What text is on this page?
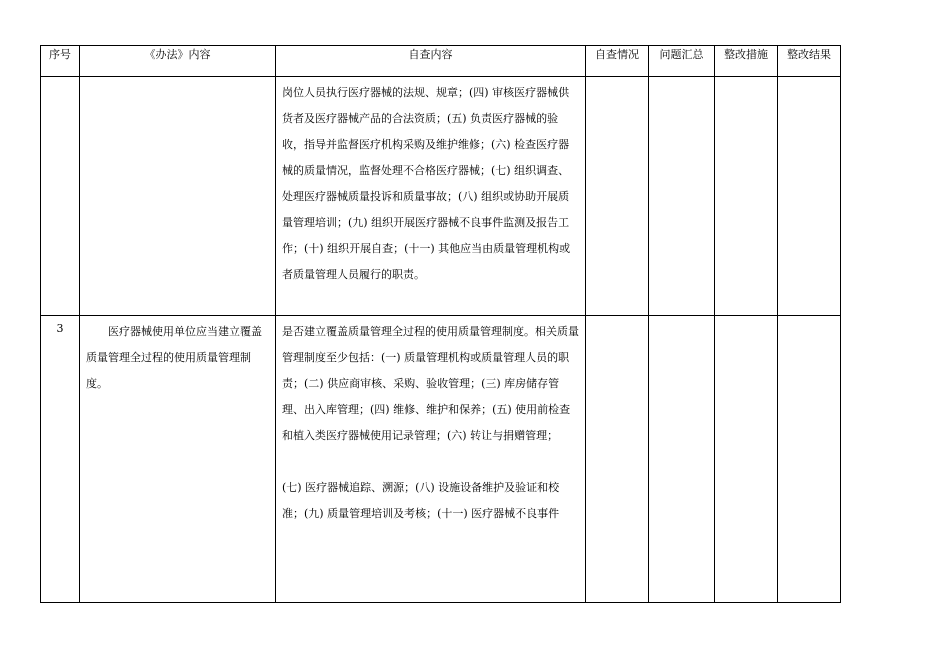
序号	《办法》内容	自查内容	自查情况	问题汇总	整改措施	整改结果

		岗位人员执行医疗器械的法规、规章；(四) 审核医疗器械供货者及医疗器械产品的合法资质；(五) 负责医疗器械的验收，指导并监督医疗机构采购及维护维修；(六) 检查医疗器械的质量情况，监督处理不合格医疗器械；(七) 组织调查、处理医疗器械质量投诉和质量事故；(八) 组织或协助开展质量管理培训；(九) 组织开展医疗器械不良事件监测及报告工作；(十) 组织开展自查；(十一) 其他应当由质量管理机构或者质量管理人员履行的职责。				

3	医疗器械使用单位应当建立覆盖质量管理全过程的使用质量管理制度。	是否建立覆盖质量管理全过程的使用质量管理制度。相关质量管理制度至少包括：(一) 质量管理机构或质量管理人员的职责；(二) 供应商审核、采购、验收管理；(三) 库房储存管理、出入库管理；(四) 维修、维护和保养；(五) 使用前检查和植入类医疗器械使用记录管理；(六) 转让与捐赠管理；
(七) 医疗器械追踪、溯源；(八) 设施设备维护及验证和校准；(九) 质量管理培训及考核；(十一) 医疗器械不良事件				
